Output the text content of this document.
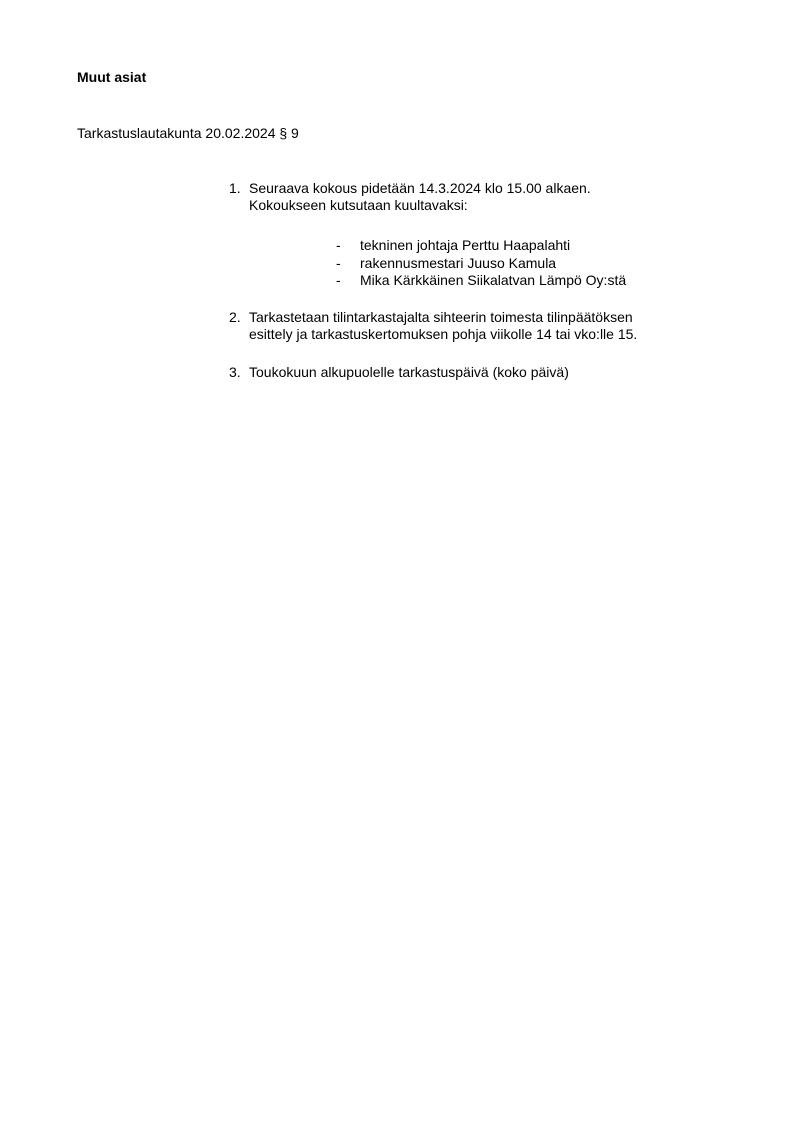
Muut asiat

Tarkastuslautakunta 20.02.2024 § 9

1. Seuraava kokous pidetään 14.3.2024 klo 15.00 alkaen.
Kokoukseen kutsutaan kuultavaksi:
- tekninen johtaja Perttu Haapalahti
- rakennusmestari Juuso Kamula
- Mika Kärkkäinen Siikalatvan Lämpö Oy:stä
2. Tarkastetaan tilintarkastajalta sihteerin toimesta tilinpäätöksen
esittely ja tarkastuskertomuksen pohja viikolle 14 tai vko:lle 15.
3. Toukokuun alkupuolelle tarkastuspäivä (koko päivä)
